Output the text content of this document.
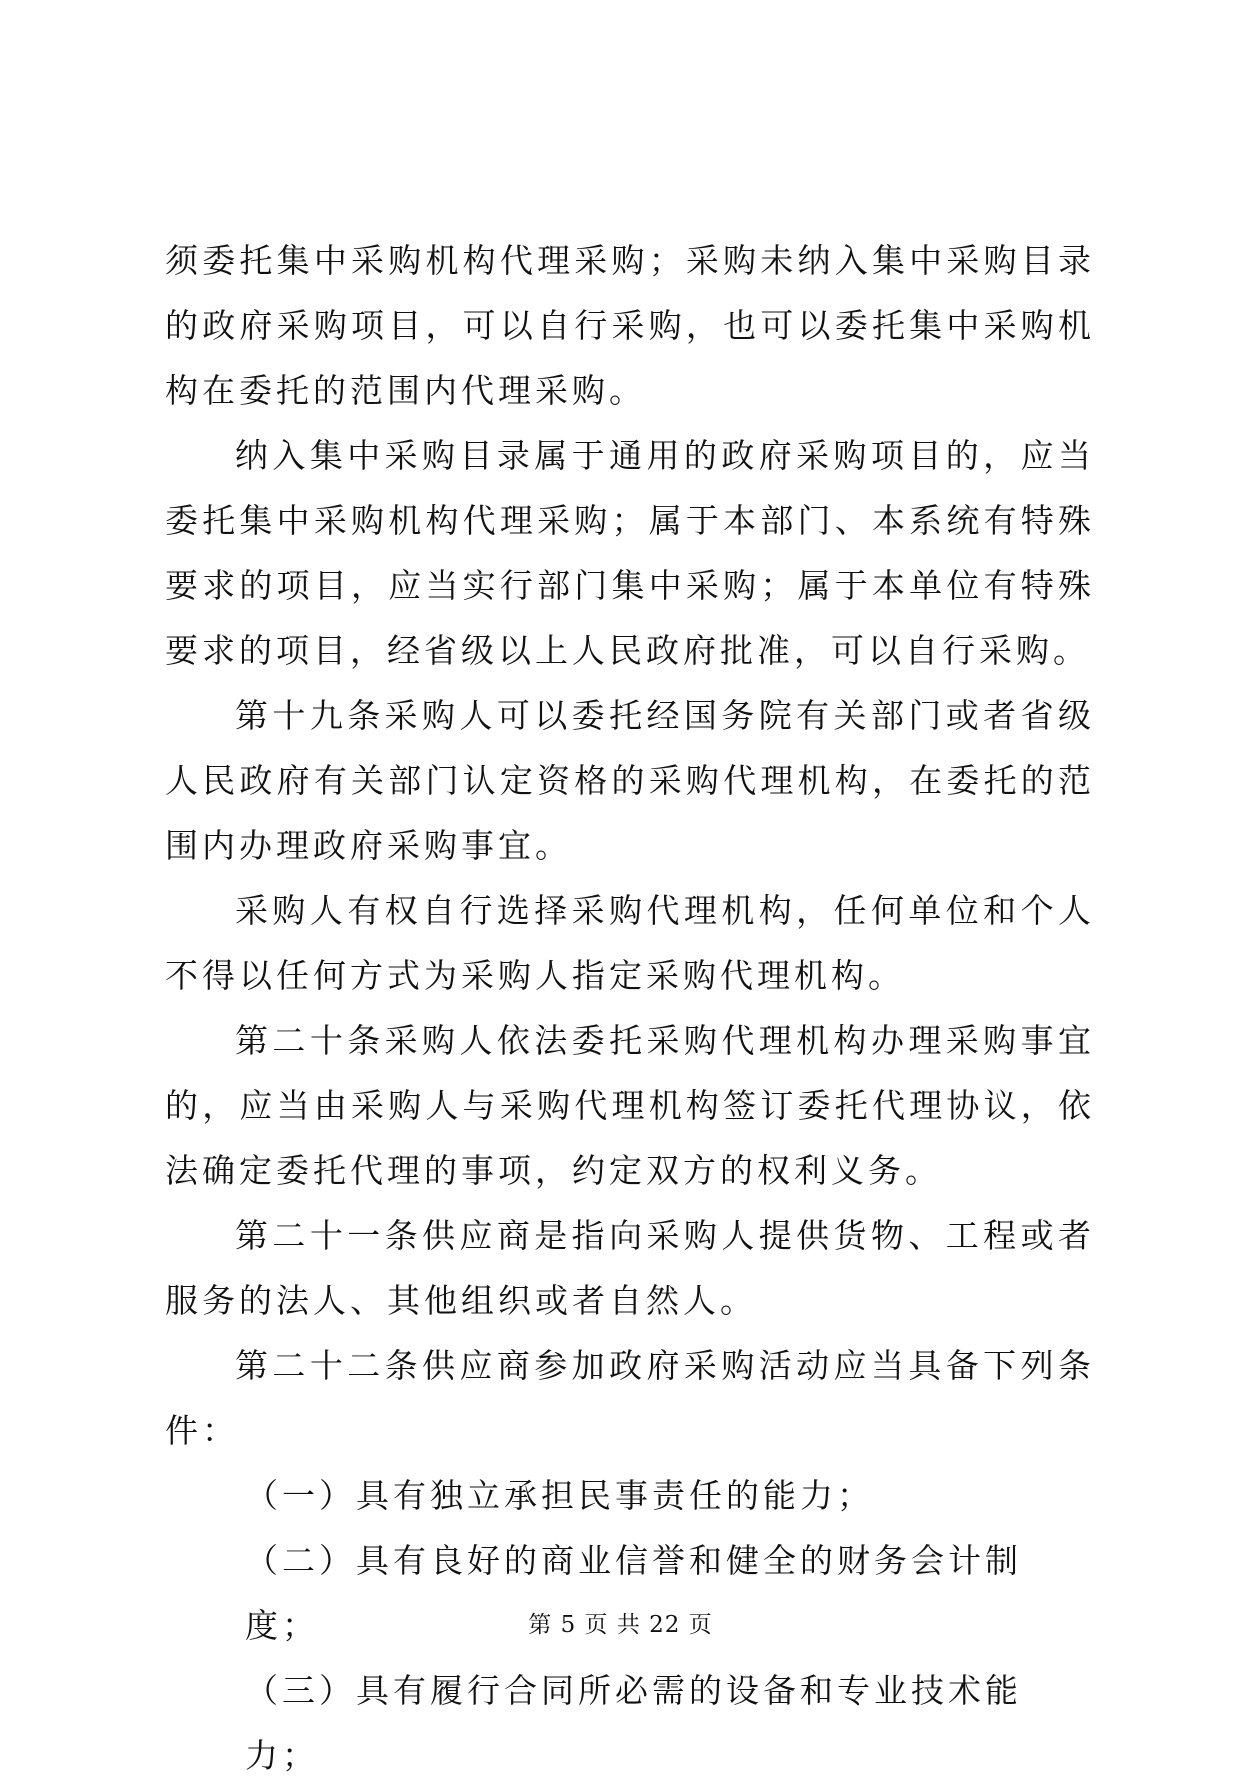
须委托集中采购机构代理采购；采购未纳入集中采购目录的政府采购项目，可以自行采购，也可以委托集中采购机构在委托的范围内代理采购。

纳入集中采购目录属于通用的政府采购项目的，应当委托集中采购机构代理采购；属于本部门、本系统有特殊要求的项目，应当实行部门集中采购；属于本单位有特殊要求的项目，经省级以上人民政府批准，可以自行采购。

第十九条采购人可以委托经国务院有关部门或者省级人民政府有关部门认定资格的采购代理机构，在委托的范围内办理政府采购事宜。

采购人有权自行选择采购代理机构，任何单位和个人不得以任何方式为采购人指定采购代理机构。

第二十条采购人依法委托采购代理机构办理采购事宜的，应当由采购人与采购代理机构签订委托代理协议，依法确定委托代理的事项，约定双方的权利义务。

第二十一条供应商是指向采购人提供货物、工程或者服务的法人、其他组织或者自然人。

第二十二条供应商参加政府采购活动应当具备下列条件：

（一）具有独立承担民事责任的能力；

（二）具有良好的商业信誉和健全的财务会计制度；

（三）具有履行合同所必需的设备和专业技术能力；

第 5 页 共 22 页
